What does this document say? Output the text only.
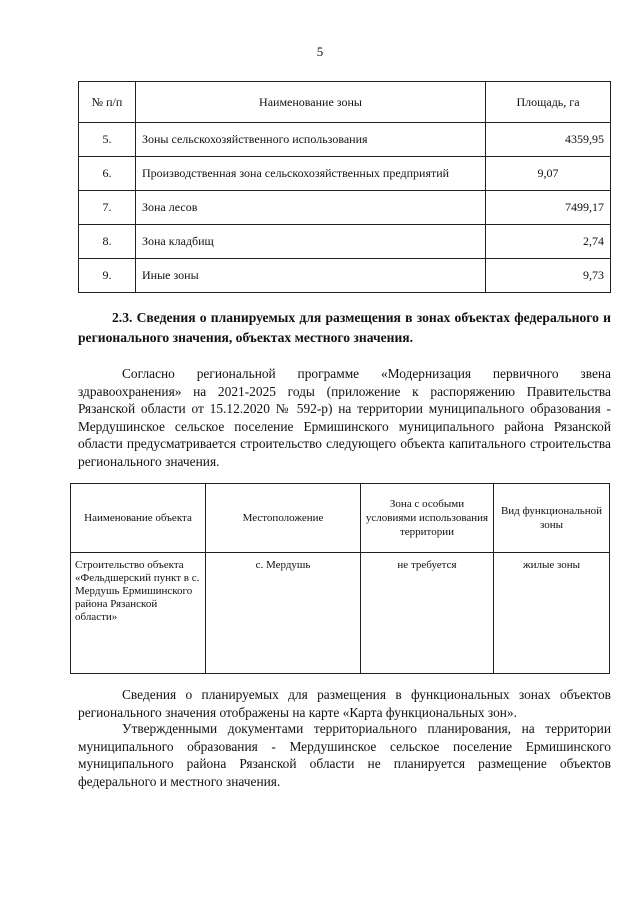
5
№ п/п	Наименование зоны	Площадь, га
5.	Зоны сельскохозяйственного использования	4359,95
6.	Производственная зона сельскохозяйственных предприятий	9,07
7.	Зона лесов	7499,17
8.	Зона кладбищ	2,74
9.	Иные зоны	9,73
2.3. Сведения о планируемых для размещения в зонах объектах федерального и регионального значения, объектах местного значения.
Согласно региональной программе «Модернизация первичного звена здравоохранения» на 2021-2025 годы (приложение к распоряжению Правительства Рязанской области от 15.12.2020 № 592-р) на территории муниципального образования - Мердушинское сельское поселение Ермишинского муниципального района Рязанской области предусматривается строительство следующего объекта капитального строительства регионального значения.
Наименование объекта	Местоположение	Зона с особыми условиями использования территории	Вид функциональной зоны
Строительство объекта «Фельдшерский пункт в с. Мердушь Ермишинского района Рязанской области»	с. Мердушь	не требуется	жилые зоны
Сведения о планируемых для размещения в функциональных зонах объектов регионального значения отображены на карте «Карта функциональных зон».
Утвержденными документами территориального планирования, на территории муниципального образования - Мердушинское сельское поселение Ермишинского муниципального района Рязанской области не планируется размещение объектов федерального и местного значения.
